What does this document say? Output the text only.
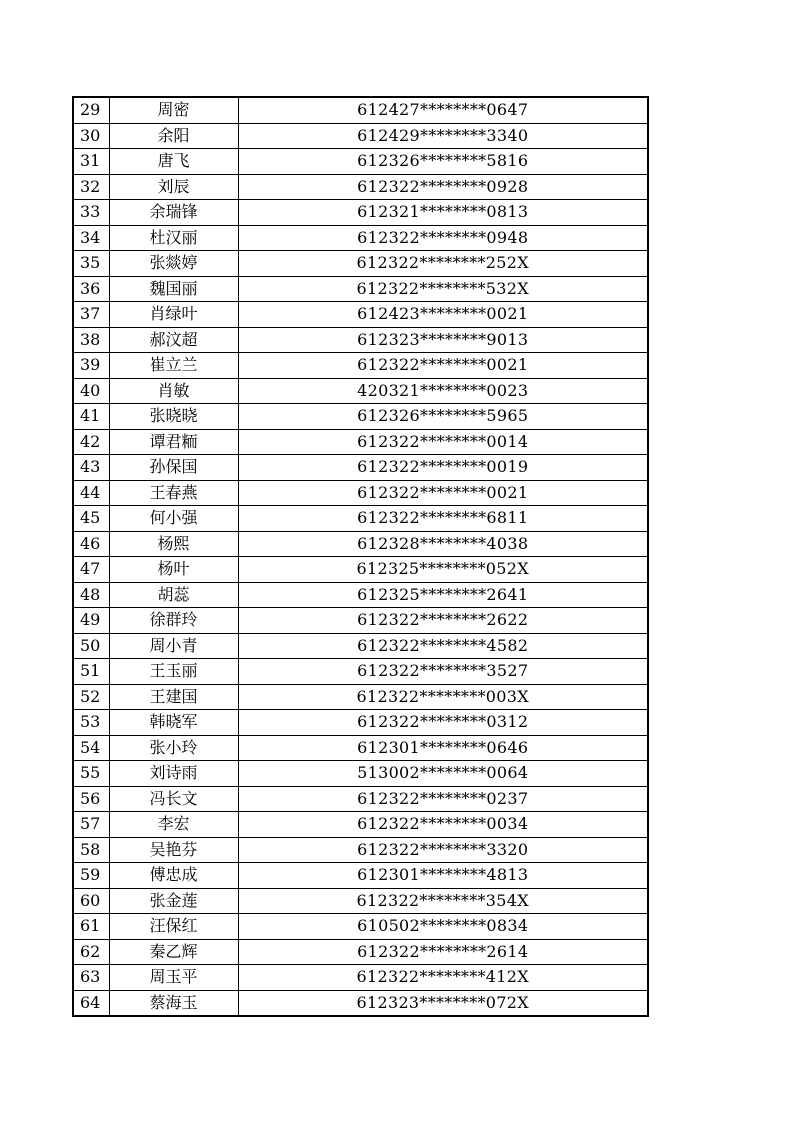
29	周密	612427********0647
30	余阳	612429********3340
31	唐飞	612326********5816
32	刘辰	612322********0928
33	余瑞锋	612321********0813
34	杜汉丽	612322********0948
35	张燚婷	612322********252X
36	魏国丽	612322********532X
37	肖绿叶	612423********0021
38	郝汶超	612323********9013
39	崔立兰	612322********0021
40	肖敏	420321********0023
41	张晓晓	612326********5965
42	谭君粫	612322********0014
43	孙保国	612322********0019
44	王春燕	612322********0021
45	何小强	612322********6811
46	杨熙	612328********4038
47	杨叶	612325********052X
48	胡蕊	612325********2641
49	徐群玲	612322********2622
50	周小青	612322********4582
51	王玉丽	612322********3527
52	王建国	612322********003X
53	韩晓军	612322********0312
54	张小玲	612301********0646
55	刘诗雨	513002********0064
56	冯长文	612322********0237
57	李宏	612322********0034
58	吴艳芬	612322********3320
59	傅忠成	612301********4813
60	张金莲	612322********354X
61	汪保红	610502********0834
62	秦乙辉	612322********2614
63	周玉平	612322********412X
64	蔡海玉	612323********072X
